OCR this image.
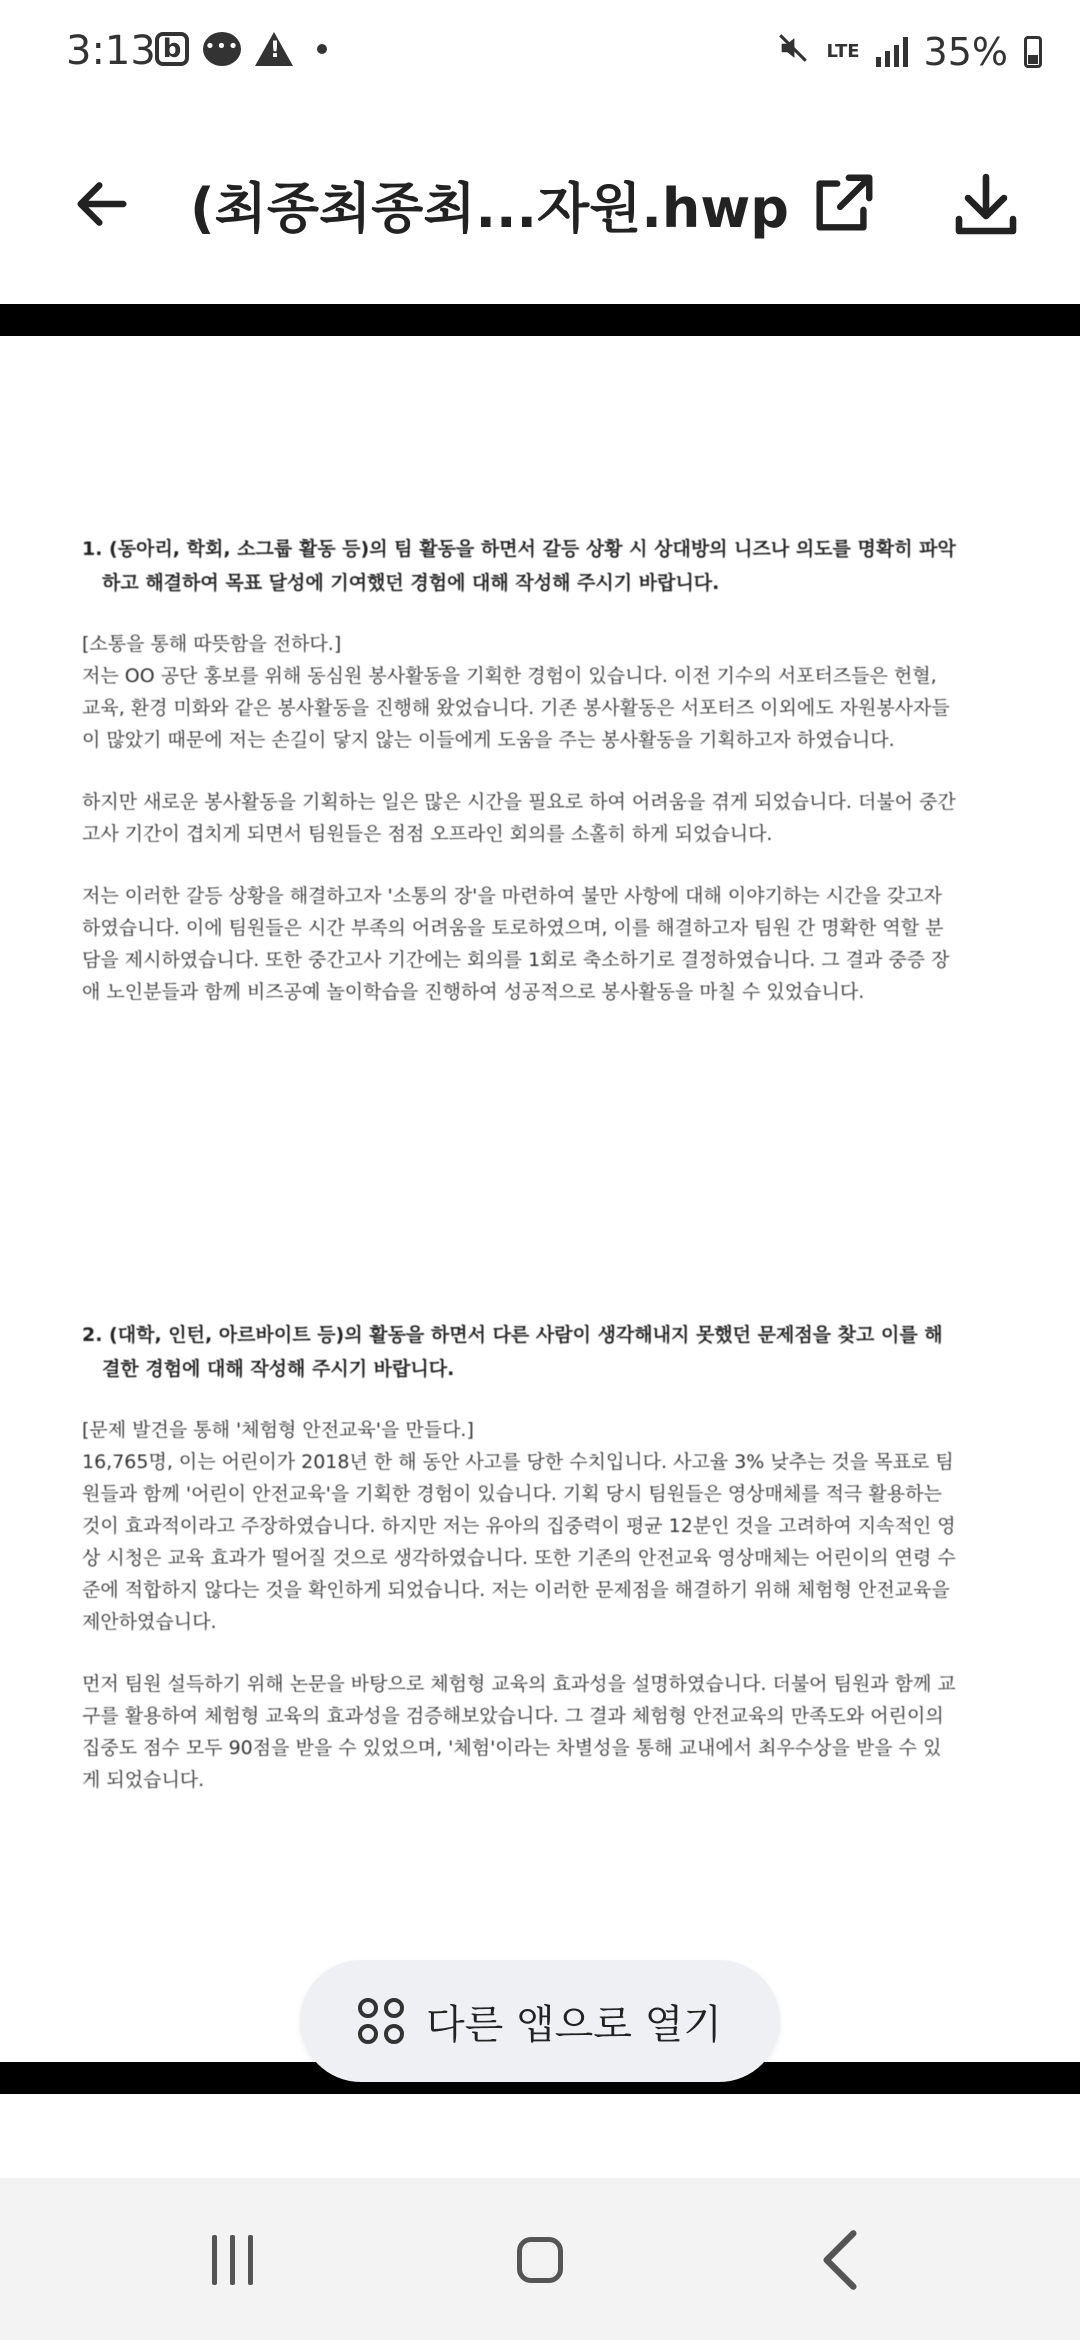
3:13 b	••• !	LTE 35%
(최종최종최...자원.hwp
1. (동아리, 학회, 소그룹 활동 등)의 팀 활동을 하면서 갈등 상황 시 상대방의 니즈나 의도를 명확히 파악하고 해결하여 목표 달성에 기여했던 경험에 대해 작성해 주시기 바랍니다.
[소통을 통해 따뜻함을 전하다.]
저는 OO 공단 홍보를 위해 동심원 봉사활동을 기획한 경험이 있습니다. 이전 기수의 서포터즈들은 헌혈, 교육, 환경 미화와 같은 봉사활동을 진행해 왔었습니다. 기존 봉사활동은 서포터즈 이외에도 자원봉사자들이 많았기 때문에 저는 손길이 닿지 않는 이들에게 도움을 주는 봉사활동을 기획하고자 하였습니다.
하지만 새로운 봉사활동을 기획하는 일은 많은 시간을 필요로 하여 어려움을 겪게 되었습니다. 더불어 중간고사 기간이 겹치게 되면서 팀원들은 점점 오프라인 회의를 소홀히 하게 되었습니다.
저는 이러한 갈등 상황을 해결하고자 '소통의 장'을 마련하여 불만 사항에 대해 이야기하는 시간을 갖고자 하였습니다. 이에 팀원들은 시간 부족의 어려움을 토로하였으며, 이를 해결하고자 팀원 간 명확한 역할 분담을 제시하였습니다. 또한 중간고사 기간에는 회의를 1회로 축소하기로 결정하였습니다. 그 결과 중증 장애 노인분들과 함께 비즈공예 놀이학습을 진행하여 성공적으로 봉사활동을 마칠 수 있었습니다.
2. (대학, 인턴, 아르바이트 등)의 활동을 하면서 다른 사람이 생각해내지 못했던 문제점을 찾고 이를 해결한 경험에 대해 작성해 주시기 바랍니다.
[문제 발견을 통해 '체험형 안전교육'을 만들다.]
16,765명, 이는 어린이가 2018년 한 해 동안 사고를 당한 수치입니다. 사고율 3% 낮추는 것을 목표로 팀원들과 함께 '어린이 안전교육'을 기획한 경험이 있습니다. 기획 당시 팀원들은 영상매체를 적극 활용하는 것이 효과적이라고 주장하였습니다. 하지만 저는 유아의 집중력이 평균 12분인 것을 고려하여 지속적인 영상 시청은 교육 효과가 떨어질 것으로 생각하였습니다. 또한 기존의 안전교육 영상매체는 어린이의 연령 수준에 적합하지 않다는 것을 확인하게 되었습니다. 저는 이러한 문제점을 해결하기 위해 체험형 안전교육을 제안하였습니다.
먼저 팀원 설득하기 위해 논문을 바탕으로 체험형 교육의 효과성을 설명하였습니다. 더불어 팀원과 함께 교구를 활용하여 체험형 교육의 효과성을 검증해보았습니다. 그 결과 체험형 안전교육의 만족도와 어린이의 집중도 점수 모두 90점을 받을 수 있었으며, '체험'이라는 차별성을 통해 교내에서 최우수상을 받을 수 있게 되었습니다.
다른 앱으로 열기
